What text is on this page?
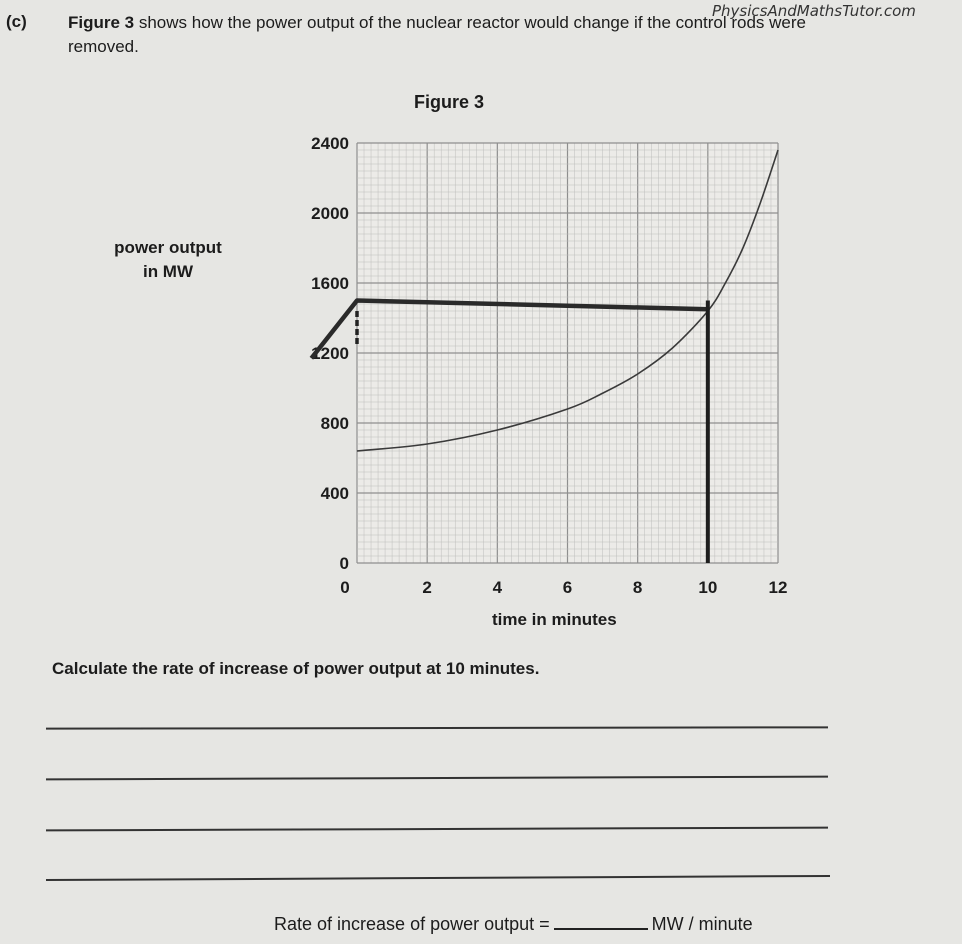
PhysicsAndMathsTutor.com
(c) Figure 3 shows how the power output of the nuclear reactor would change if the control rods were removed.
Figure 3
power output
in MW
0
400
800
1200
1600
2000
2400
0	2	4	6	8	10	12
time in minutes
Calculate the rate of increase of power output at 10 minutes.
Rate of increase of power output =	MW / minute
